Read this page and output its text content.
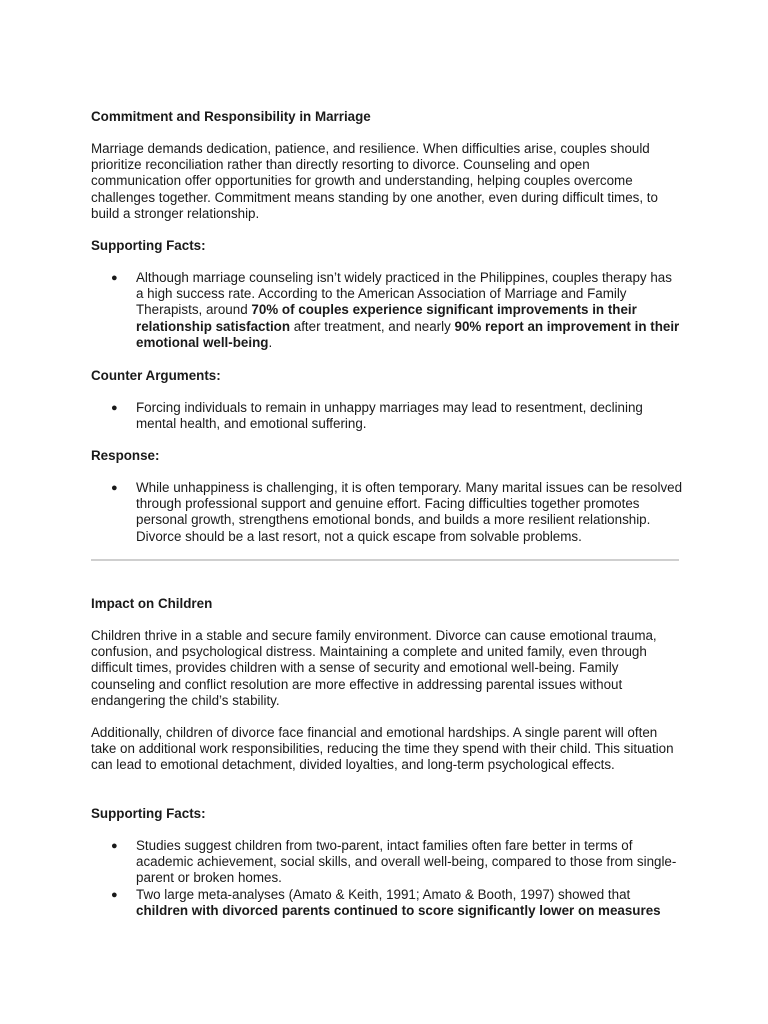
Commitment and Responsibility in Marriage

Marriage demands dedication, patience, and resilience. When difficulties arise, couples should prioritize reconciliation rather than directly resorting to divorce. Counseling and open communication offer opportunities for growth and understanding, helping couples overcome challenges together. Commitment means standing by one another, even during difficult times, to build a stronger relationship.

Supporting Facts:
● Although marriage counseling isn’t widely practiced in the Philippines, couples therapy has a high success rate. According to the American Association of Marriage and Family Therapists, around 70% of couples experience significant improvements in their relationship satisfaction after treatment, and nearly 90% report an improvement in their emotional well-being.
Counter Arguments:
● Forcing individuals to remain in unhappy marriages may lead to resentment, declining mental health, and emotional suffering.
Response:
● While unhappiness is challenging, it is often temporary. Many marital issues can be resolved through professional support and genuine effort. Facing difficulties together promotes personal growth, strengthens emotional bonds, and builds a more resilient relationship. Divorce should be a last resort, not a quick escape from solvable problems.
Impact on Children

Children thrive in a stable and secure family environment. Divorce can cause emotional trauma, confusion, and psychological distress. Maintaining a complete and united family, even through difficult times, provides children with a sense of security and emotional well-being. Family counseling and conflict resolution are more effective in addressing parental issues without endangering the child’s stability.

Additionally, children of divorce face financial and emotional hardships. A single parent will often take on additional work responsibilities, reducing the time they spend with their child. This situation can lead to emotional detachment, divided loyalties, and long-term psychological effects.

Supporting Facts:
● Studies suggest children from two-parent, intact families often fare better in terms of academic achievement, social skills, and overall well-being, compared to those from single-parent or broken homes.
● Two large meta-analyses (Amato & Keith, 1991; Amato & Booth, 1997) showed that children with divorced parents continued to score significantly lower on measures
